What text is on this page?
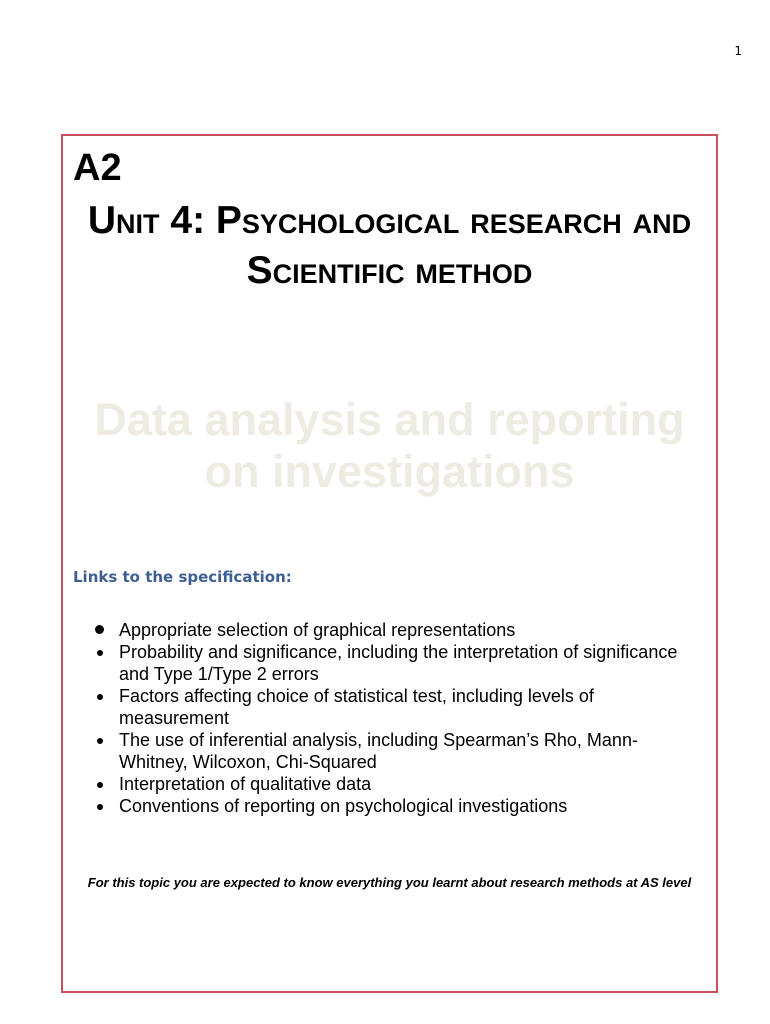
1
A2
Unit 4: Psychological research and Scientific method
Data analysis and reporting on investigations
Links to the specification:
Appropriate selection of graphical representations
Probability and significance, including the interpretation of significance and Type 1/Type 2 errors
Factors affecting choice of statistical test, including levels of measurement
The use of inferential analysis, including Spearman’s Rho, Mann-Whitney, Wilcoxon, Chi-Squared
Interpretation of qualitative data
Conventions of reporting on psychological investigations
For this topic you are expected to know everything you learnt about research methods at AS level
